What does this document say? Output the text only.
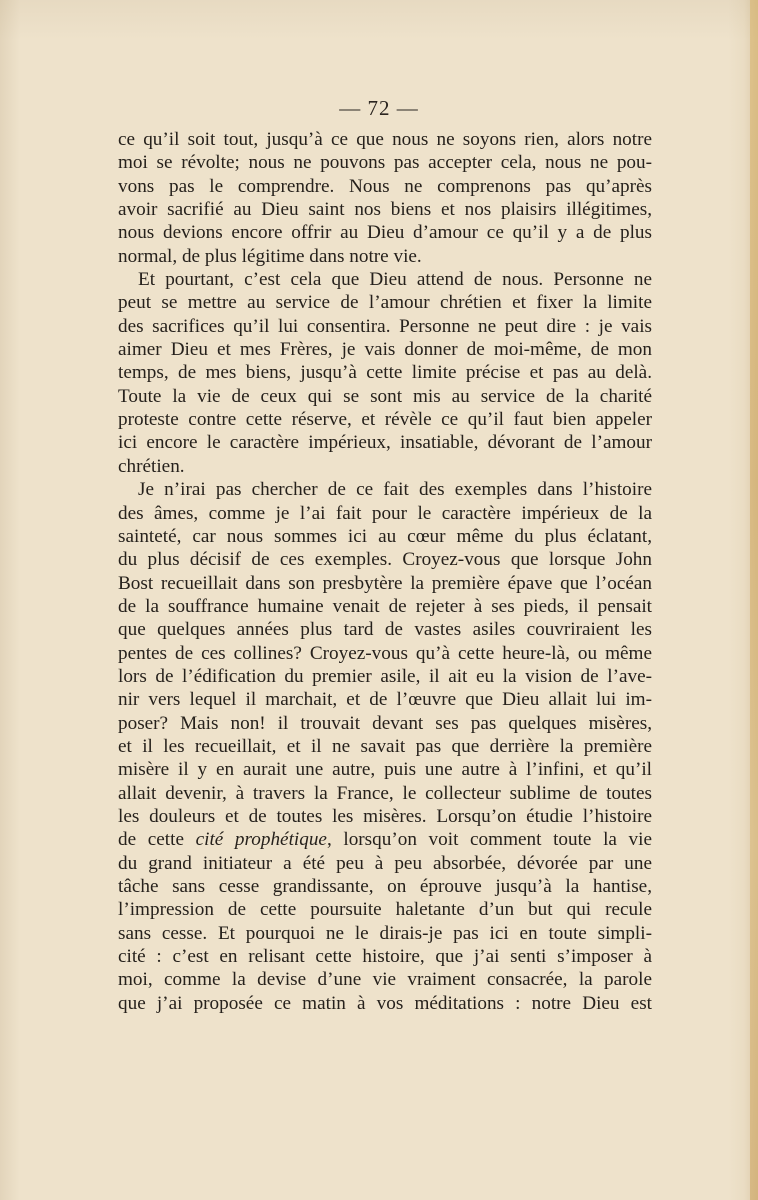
— 72 —
ce qu’il soit tout, jusqu’à ce que nous ne soyons rien, alors notre
moi se révolte; nous ne pouvons pas accepter cela, nous ne pou-
vons pas le comprendre. Nous ne comprenons pas qu’après
avoir sacrifié au Dieu saint nos biens et nos plaisirs illégitimes,
nous devions encore offrir au Dieu d’amour ce qu’il y a de plus
normal, de plus légitime dans notre vie.
Et pourtant, c’est cela que Dieu attend de nous. Personne ne
peut se mettre au service de l’amour chrétien et fixer la limite
des sacrifices qu’il lui consentira. Personne ne peut dire : je vais
aimer Dieu et mes Frères, je vais donner de moi-même, de mon
temps, de mes biens, jusqu’à cette limite précise et pas au delà.
Toute la vie de ceux qui se sont mis au service de la charité
proteste contre cette réserve, et révèle ce qu’il faut bien appeler
ici encore le caractère impérieux, insatiable, dévorant de l’amour
chrétien.
Je n’irai pas chercher de ce fait des exemples dans l’histoire
des âmes, comme je l’ai fait pour le caractère impérieux de la
sainteté, car nous sommes ici au cœur même du plus éclatant,
du plus décisif de ces exemples. Croyez-vous que lorsque John
Bost recueillait dans son presbytère la première épave que l’océan
de la souffrance humaine venait de rejeter à ses pieds, il pensait
que quelques années plus tard de vastes asiles couvriraient les
pentes de ces collines? Croyez-vous qu’à cette heure-là, ou même
lors de l’édification du premier asile, il ait eu la vision de l’ave-
nir vers lequel il marchait, et de l’œuvre que Dieu allait lui im-
poser? Mais non! il trouvait devant ses pas quelques misères,
et il les recueillait, et il ne savait pas que derrière la première
misère il y en aurait une autre, puis une autre à l’infini, et qu’il
allait devenir, à travers la France, le collecteur sublime de toutes
les douleurs et de toutes les misères. Lorsqu’on étudie l’histoire
de cette cité prophétique, lorsqu’on voit comment toute la vie
du grand initiateur a été peu à peu absorbée, dévorée par une
tâche sans cesse grandissante, on éprouve jusqu’à la hantise,
l’impression de cette poursuite haletante d’un but qui recule
sans cesse. Et pourquoi ne le dirais-je pas ici en toute simpli-
cité : c’est en relisant cette histoire, que j’ai senti s’imposer à
moi, comme la devise d’une vie vraiment consacrée, la parole
que j’ai proposée ce matin à vos méditations : notre Dieu est
